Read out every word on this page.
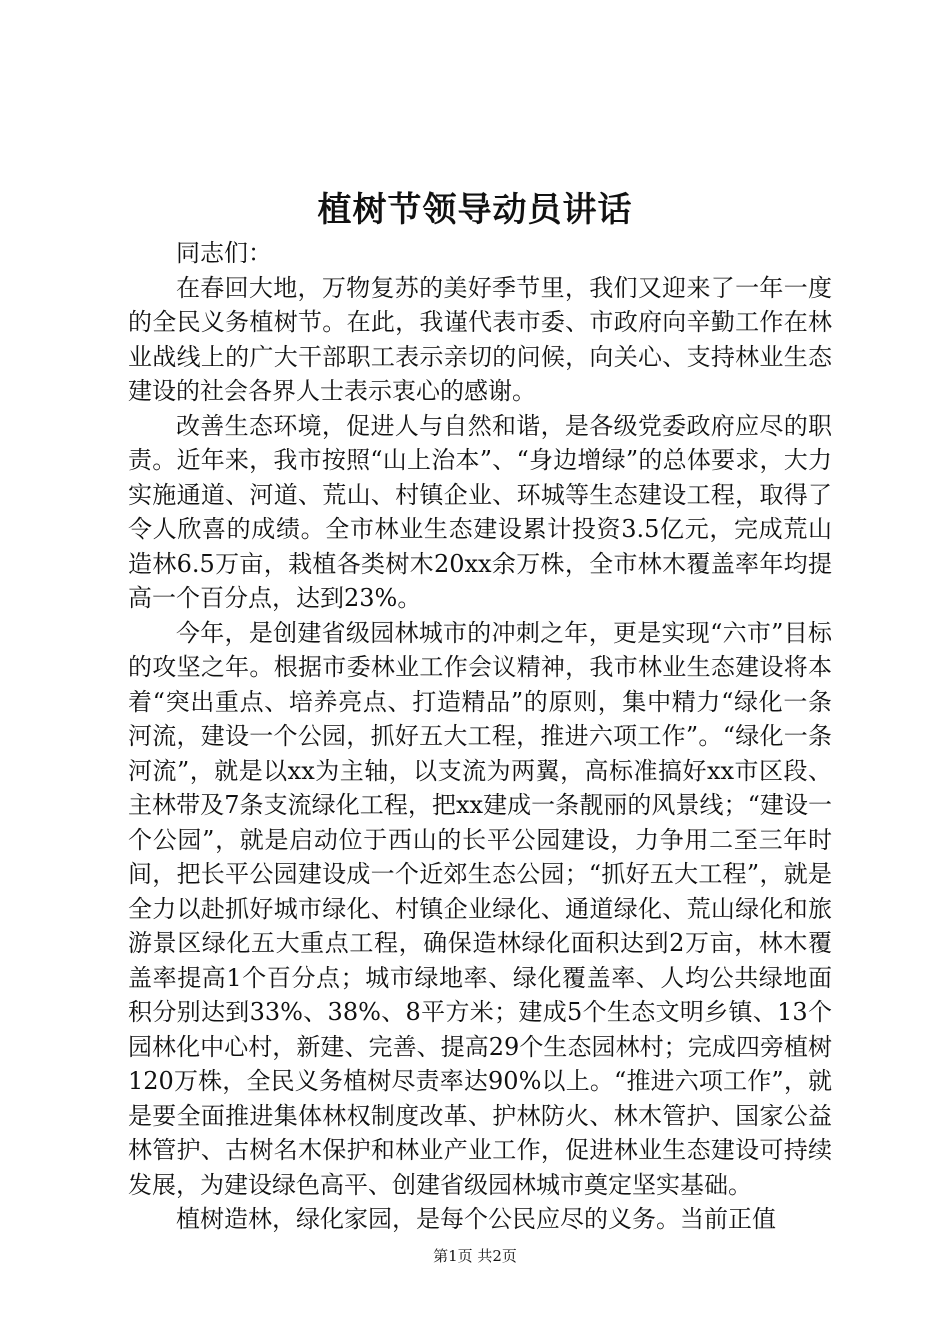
植树节领导动员讲话

同志们：

在春回大地，万物复苏的美好季节里，我们又迎来了一年一度的全民义务植树节。在此，我谨代表市委、市政府向辛勤工作在林业战线上的广大干部职工表示亲切的问候，向关心、支持林业生态建设的社会各界人士表示衷心的感谢。

改善生态环境，促进人与自然和谐，是各级党委政府应尽的职责。近年来，我市按照“山上治本”、“身边增绿”的总体要求，大力实施通道、河道、荒山、村镇企业、环城等生态建设工程，取得了令人欣喜的成绩。全市林业生态建设累计投资3.5亿元，完成荒山造林6.5万亩，栽植各类树木20xx余万株，全市林木覆盖率年均提高一个百分点，达到23%。

今年，是创建省级园林城市的冲刺之年，更是实现“六市”目标的攻坚之年。根据市委林业工作会议精神，我市林业生态建设将本着“突出重点、培养亮点、打造精品”的原则，集中精力“绿化一条河流，建设一个公园，抓好五大工程，推进六项工作”。“绿化一条河流”，就是以xx为主轴，以支流为两翼，高标准搞好xx市区段、主林带及7条支流绿化工程，把xx建成一条靓丽的风景线；“建设一个公园”，就是启动位于西山的长平公园建设，力争用二至三年时间，把长平公园建设成一个近郊生态公园；“抓好五大工程”，就是全力以赴抓好城市绿化、村镇企业绿化、通道绿化、荒山绿化和旅游景区绿化五大重点工程，确保造林绿化面积达到2万亩，林木覆盖率提高1个百分点；城市绿地率、绿化覆盖率、人均公共绿地面积分别达到33%、38%、8平方米；建成5个生态文明乡镇、13个园林化中心村，新建、完善、提高29个生态园林村；完成四旁植树120万株，全民义务植树尽责率达90%以上。“推进六项工作”，就是要全面推进集体林权制度改革、护林防火、林木管护、国家公益林管护、古树名木保护和林业产业工作，促进林业生态建设可持续发展，为建设绿色高平、创建省级园林城市奠定坚实基础。

植树造林，绿化家园，是每个公民应尽的义务。当前正值

第1页 共2页
